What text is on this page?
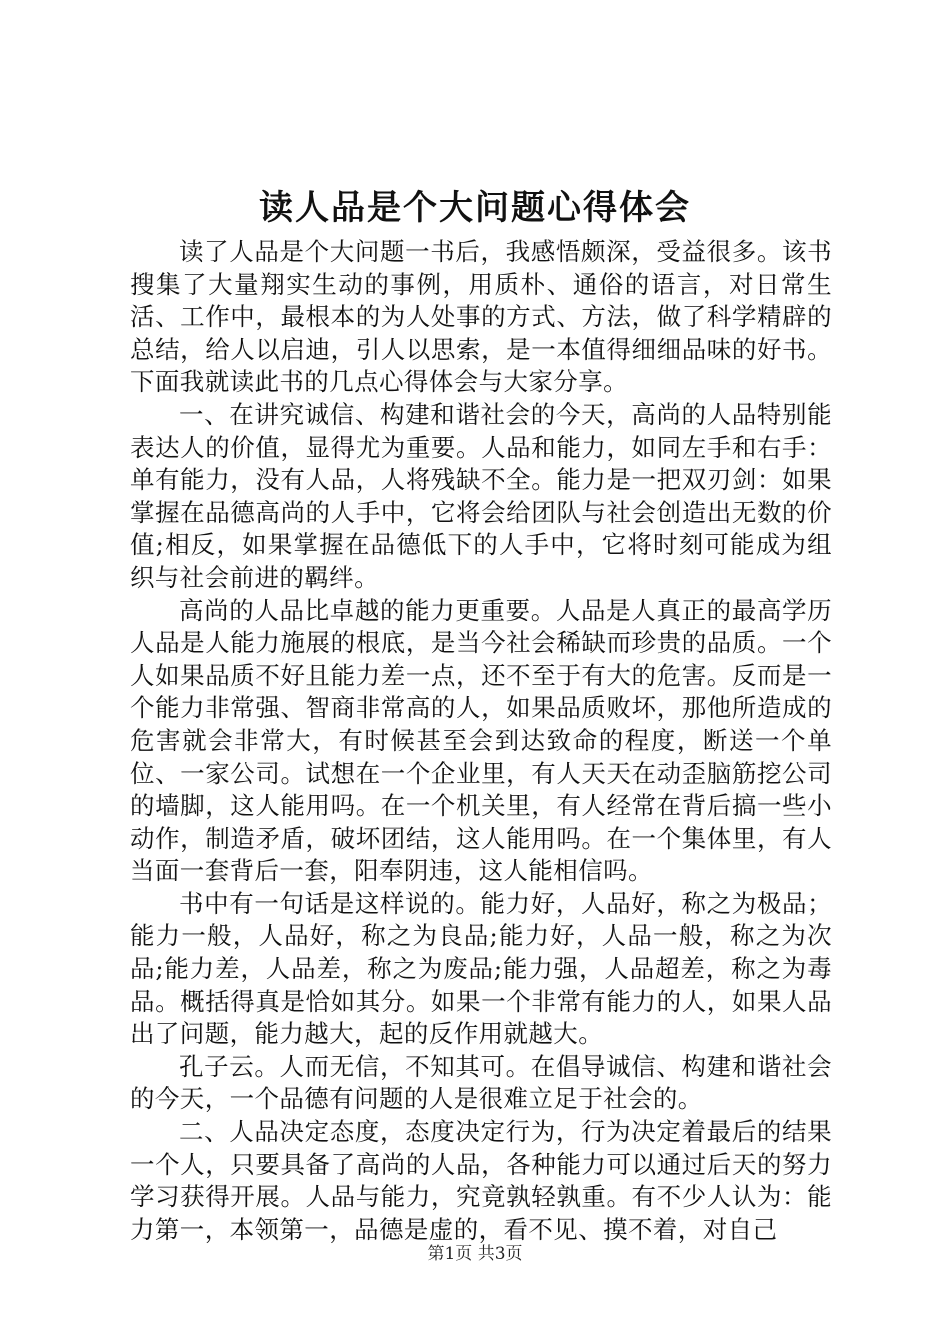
读人品是个大问题心得体会

读了人品是个大问题一书后，我感悟颇深，受益很多。该书搜集了大量翔实生动的事例，用质朴、通俗的语言，对日常生活、工作中，最根本的为人处事的方式、方法，做了科学精辟的总结，给人以启迪，引人以思索，是一本值得细细品味的好书。下面我就读此书的几点心得体会与大家分享。

一、在讲究诚信、构建和谐社会的今天，高尚的人品特别能表达人的价值，显得尤为重要。人品和能力，如同左手和右手：单有能力，没有人品，人将残缺不全。能力是一把双刃剑：如果掌握在品德高尚的人手中，它将会给团队与社会创造出无数的价值;相反，如果掌握在品德低下的人手中，它将时刻可能成为组织与社会前进的羁绊。

高尚的人品比卓越的能力更重要。人品是人真正的最高学历人品是人能力施展的根底，是当今社会稀缺而珍贵的品质。一个人如果品质不好且能力差一点，还不至于有大的危害。反而是一个能力非常强、智商非常高的人，如果品质败坏，那他所造成的危害就会非常大，有时候甚至会到达致命的程度，断送一个单位、一家公司。试想在一个企业里，有人天天在动歪脑筋挖公司的墙脚，这人能用吗。在一个机关里，有人经常在背后搞一些小动作，制造矛盾，破坏团结，这人能用吗。在一个集体里，有人当面一套背后一套，阳奉阴违，这人能相信吗。

书中有一句话是这样说的。能力好，人品好，称之为极品；能力一般，人品好，称之为良品;能力好，人品一般，称之为次品;能力差，人品差，称之为废品;能力强，人品超差，称之为毒品。概括得真是恰如其分。如果一个非常有能力的人，如果人品出了问题，能力越大，起的反作用就越大。

孔子云。人而无信，不知其可。在倡导诚信、构建和谐社会的今天，一个品德有问题的人是很难立足于社会的。

二、人品决定态度，态度决定行为，行为决定着最后的结果一个人，只要具备了高尚的人品，各种能力可以通过后天的努力学习获得开展。人品与能力，究竟孰轻孰重。有不少人认为：能力第一，本领第一，品德是虚的，看不见、摸不着，对自己

第1页 共3页
